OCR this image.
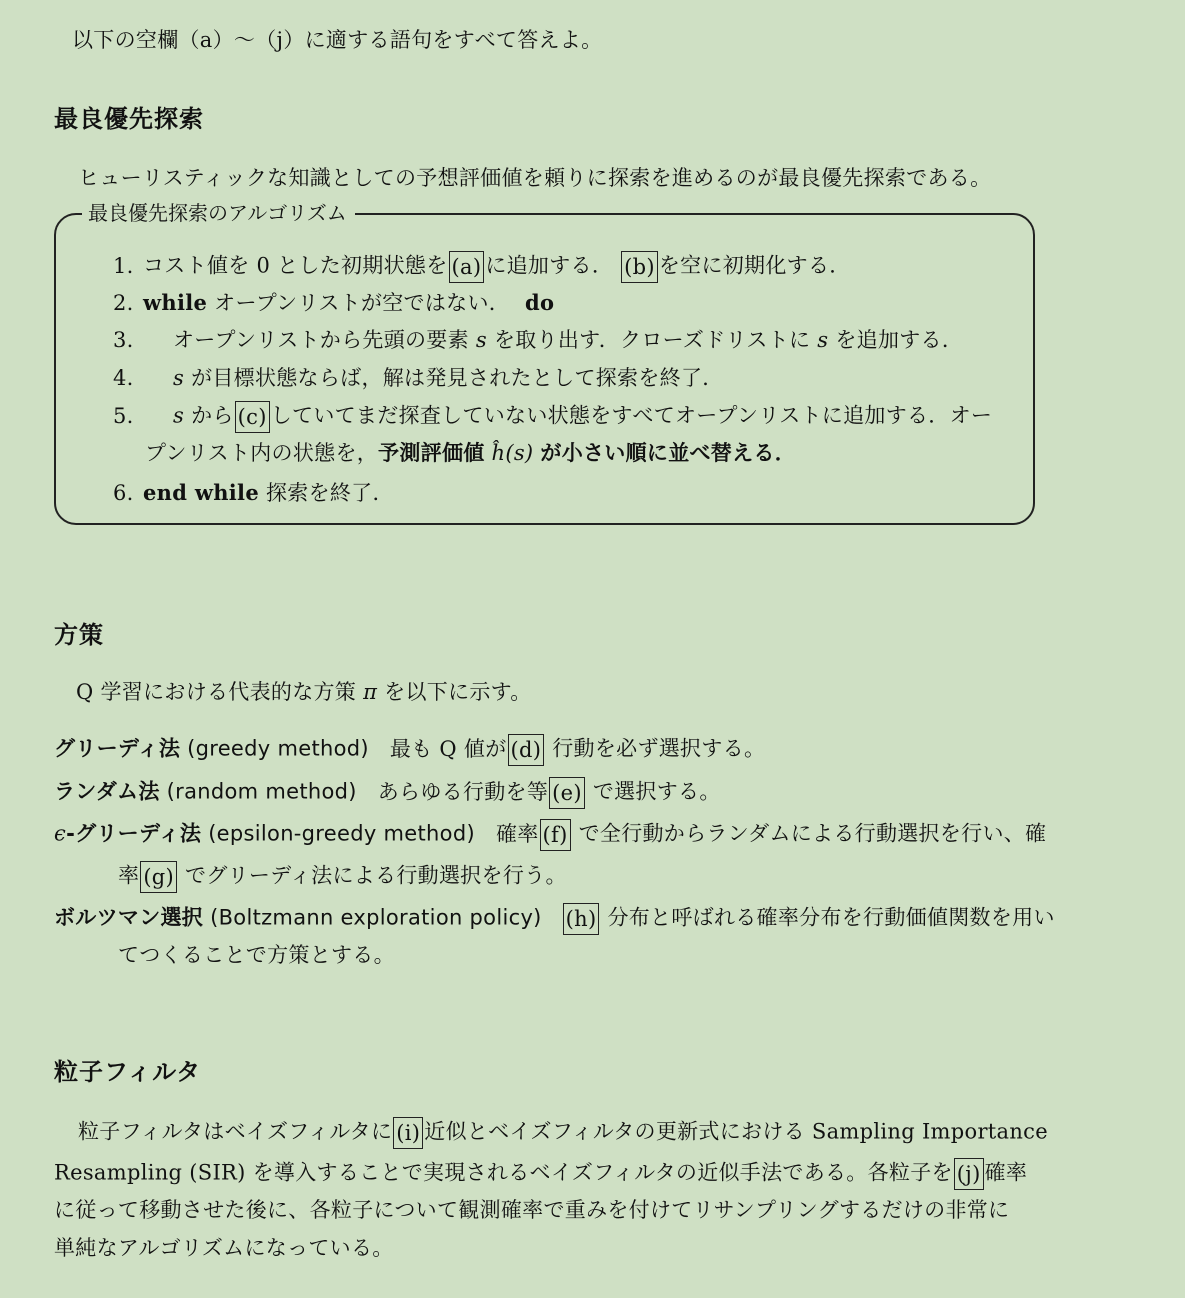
以下の空欄（a）～（j）に適する語句をすべて答えよ。
最良優先探索
ヒューリスティックな知識としての予想評価値を頼りに探索を進めるのが最良優先探索である。
最良優先探索のアルゴリズム
1. コスト値を 0 とした初期状態を (a) に追加する． (b) を空に初期化する．
2. while オープンリストが空ではない． do
3. オープンリストから先頭の要素 s を取り出す．クローズドリストに s を追加する．
4. s が目標状態ならば，解は発見されたとして探索を終了．
5. s から (c) していてまだ探査していない状態をすべてオープンリストに追加する．オー
プンリスト内の状態を，予測評価値 ĥ(s) が小さい順に並べ替える．
6. end while 探索を終了．
方策
Q 学習における代表的な方策 π を以下に示す。
グリーディ法 (greedy method) 最も Q 値が (d) 行動を必ず選択する。
ランダム法 (random method) あらゆる行動を等 (e) で選択する。
ϵ-グリーディ法 (epsilon-greedy method) 確率 (f) で全行動からランダムによる行動選択を行い、確
率 (g) でグリーディ法による行動選択を行う。
ボルツマン選択 (Boltzmann exploration policy) (h) 分布と呼ばれる確率分布を行動価値関数を用い
てつくることで方策とする。
粒子フィルタ
粒子フィルタはベイズフィルタに (i) 近似とベイズフィルタの更新式における Sampling Importance
Resampling (SIR) を導入することで実現されるベイズフィルタの近似手法である。各粒子を (j) 確率
に従って移動させた後に、各粒子について観測確率で重みを付けてリサンプリングするだけの非常に
単純なアルゴリズムになっている。
